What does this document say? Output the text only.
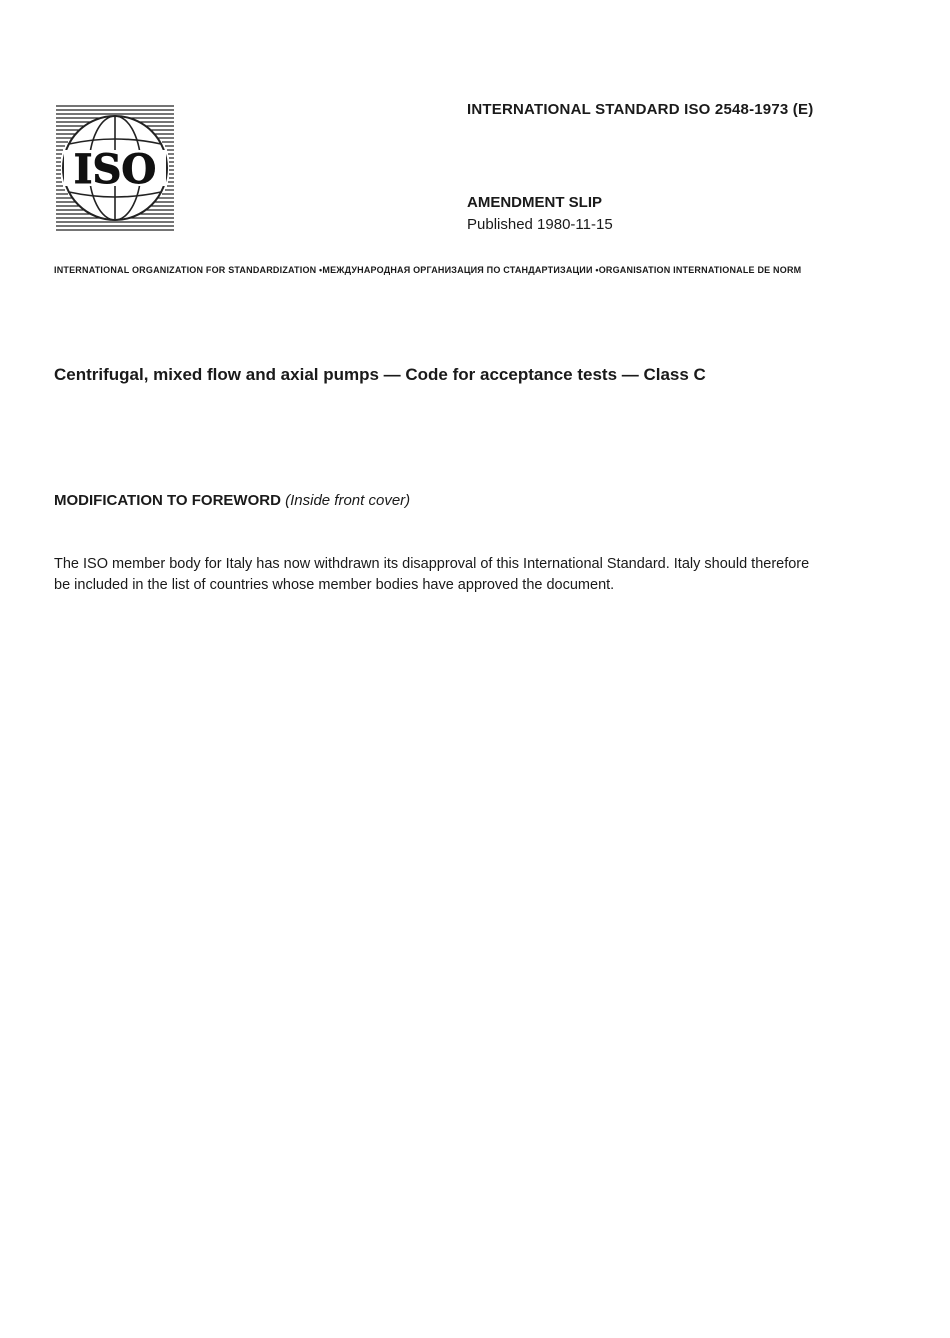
ISO
INTERNATIONAL STANDARD ISO 2548-1973 (E)
AMENDMENT SLIP
Published 1980-11-15
INTERNATIONAL ORGANIZATION FOR STANDARDIZATION •МЕЖДУНАРОДНАЯ ОРГАНИЗАЦИЯ ПО СТАНДАРТИЗАЦИИ •ORGANISATION INTERNATIONALE DE NORM
Centrifugal, mixed flow and axial pumps — Code for acceptance tests — Class C
MODIFICATION TO FOREWORD (Inside front cover)
The ISO member body for Italy has now withdrawn its disapproval of this International Standard. Italy should therefore be included in the list of countries whose member bodies have approved the document.
